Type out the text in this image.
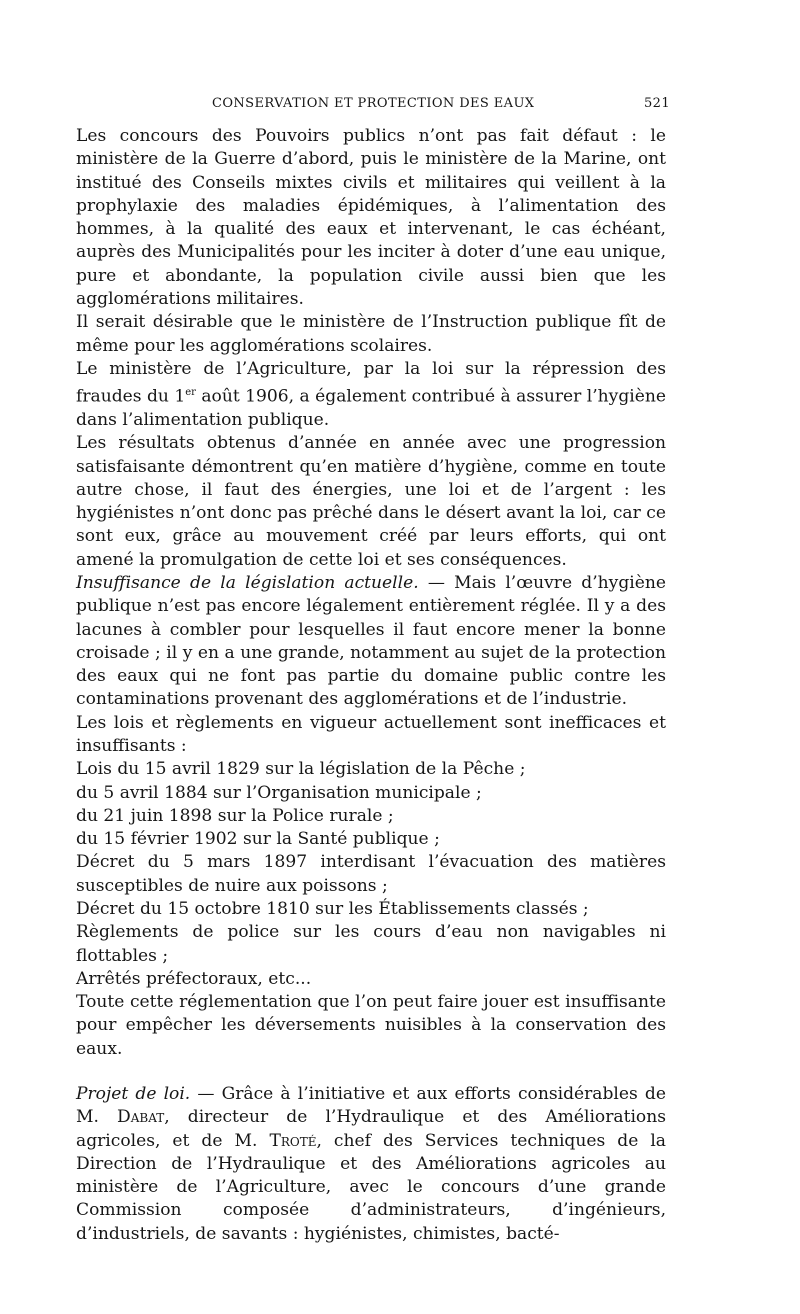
CONSERVATION ET PROTECTION DES EAUX	521

Les concours des Pouvoirs publics n’ont pas fait défaut : le ministère de la Guerre d’abord, puis le ministère de la Marine, ont institué des Conseils mixtes civils et militaires qui veillent à la prophylaxie des maladies épidémiques, à l’alimentation des hommes, à la qualité des eaux et intervenant, le cas échéant, auprès des Municipalités pour les inciter à doter d’une eau unique, pure et abondante, la population civile aussi bien que les agglomérations militaires.

Il serait désirable que le ministère de l’Instruction publique fît de même pour les agglomérations scolaires.

Le ministère de l’Agriculture, par la loi sur la répression des fraudes du 1er août 1906, a également contribué à assurer l’hygiène dans l’alimentation publique.

Les résultats obtenus d’année en année avec une progression satisfaisante démontrent qu’en matière d’hygiène, comme en toute autre chose, il faut des énergies, une loi et de l’argent : les hygiénistes n’ont donc pas prêché dans le désert avant la loi, car ce sont eux, grâce au mouvement créé par leurs efforts, qui ont amené la promulgation de cette loi et ses conséquences.

Insuffisance de la législation actuelle. — Mais l’œuvre d’hygiène publique n’est pas encore légalement entièrement réglée. Il y a des lacunes à combler pour lesquelles il faut encore mener la bonne croisade ; il y en a une grande, notamment au sujet de la protection des eaux qui ne font pas partie du domaine public contre les contaminations provenant des agglomérations et de l’industrie.

Les lois et règlements en vigueur actuellement sont inefficaces et insuffisants :

Lois du 15 avril 1829 sur la législation de la Pêche ;
du 5 avril 1884 sur l’Organisation municipale ;
du 21 juin 1898 sur la Police rurale ;
du 15 février 1902 sur la Santé publique ;
Décret du 5 mars 1897 interdisant l’évacuation des matières susceptibles de nuire aux poissons ;
Décret du 15 octobre 1810 sur les Établissements classés ;
Règlements de police sur les cours d’eau non navigables ni flottables ;
Arrêtés préfectoraux, etc...

Toute cette réglementation que l’on peut faire jouer est insuffisante pour empêcher les déversements nuisibles à la conservation des eaux.

Projet de loi. — Grâce à l’initiative et aux efforts considérables de M. Dabat, directeur de l’Hydraulique et des Améliorations agricoles, et de M. Troté, chef des Services techniques de la Direction de l’Hydraulique et des Améliorations agricoles au ministère de l’Agriculture, avec le concours d’une grande Commission composée d’administrateurs, d’ingénieurs, d’industriels, de savants : hygiénistes, chimistes, bacté-
